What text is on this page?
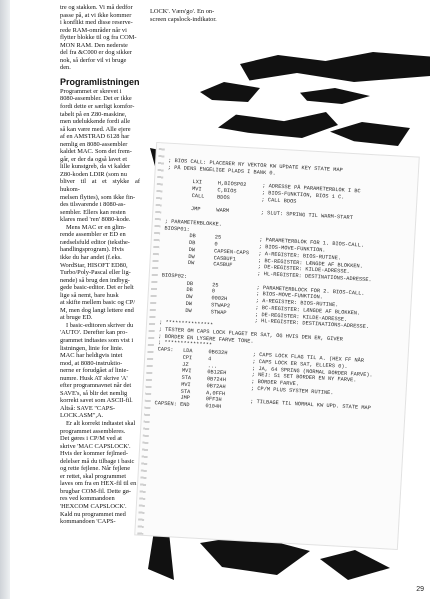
tre og stakken. Vi må dedfor
passe på, at vi ikke kommer
i konflikt med disse reserve-
rede RAM-områder når vi
flytter blokke til og fra COM-
MON RAM. Den nederste
del fra &C000 er dog sikker
nok, så derfor vil vi bruge
den.

Programlistningen

Programmet er skrevet i
8080-assembler. Det er ikke
fordi dette er særligt komfor-
tabelt på en Z80-maskine,
men udelukkende fordi alle
så kan være med. Alle ejere
af en AMSTRAD 6128 har
nemlig en 8080-assembler
kaldet MAC. Som det frem-
går, er der da også lavet et
lille kunstgreb, da vi kalder
Z80-koden LDIR (som nu
bliver til at et stykke af hukom-
melsen flyttes), som ikke fin-
des tilsvarende i 8080-as-
sembler. Ellers kan resten
klares med 'ren' 8080-kode.

Mens MAC er en glim-
rende assembler er ED en
rædselsfuld editor (teksthe-
handlingsprogram). Hvis
ikke du har andet (f.eks.
WordStar, HISOFT ED80,
Turbo/Poly-Pascal eller lig-
nende) så brug den indbyg-
gede basic-editor. Det er helt
lige så nemt, bare husk
at skifte mellem basic og CP/
M, men dog langt lettere end
at bruge ED.

I basic-editoren skriver du
'AUTO'. Derefter kan pro-
grammet indtastes som vist i
listningen, linie for linie.
MAC har heldigvis intet
mod, at 8080-instruktio-
nerne er forudgået af linie-
numre. Husk AT skrive 'A'
efter programnavnet når det
SAVE's, så blir det nemlig
korrekt savet som ASCII-fil.
Altså: SAVE "CAPS-
LOCK.ASM",A.

Er alt korrekt indtastet skal
programmet assembleres.
Det gøres i CP/M ved at
skrive 'MAC CAPSLOCK'.
Hvis der kommer fejlmed-
delelser må du tilbage i basic
og rette fejlene. Når fejlene
er rettet, skal programmet
laves om fra en HEX-fil til en
brugbar COM-fil. Dette gø-
res ved kommandoen
'HEXCOM CAPSLOCK'.
Kald nu programmet med
kommandoen 'CAPS-

LOCK'. Værs'go'. En on-
screen capslock-indikator.
; BIOS CALL: PLACERER NY VEKTOR KW UPDATE KEY STATE MAP
; PÅ DENS ENGELIGE PLADS I BANK 0.

LXI     H,BIOSP02     ; ADRESSE PÅ PARAMETERBLOK I BC
MVI     C,BIOS        ; BIOS-FUNKTION, BIOS 1 C.
CALL    BDOS          ; CALL BDOS

JMP     WARM          ; SLUT: SPRING TIL WARM-START

; PARAMETERBLOKKE.
BIOSP01:
DB      25            ; PARAMETERBLOK FOR 1. BIOS-CALL.
DB      0             ; BIOS-MOVE-FUNKTION.
DW      CAPSEN-CAPS   ; A-REGISTER: BIOS-RUTINE.
DW      CASBUF1       ; BC-REGISTER: LÆNGDE AF BLOKKEN.
DW      CASBUF        ; DE-REGISTER: KILDE-ADRESSE.
; HL-REGISTER: DESTINATIONS-ADRESSE.
BIOSP02:
DB      25            ; PARAMETERBLOCK FOR 2. BIOS-CALL.
DB      0             ; BIOS-MOVE-FUNKTION.
DW      0002H         ; A-REGISTER: BIOS-RUTINE.
DW      STWAP2        ; BC-REGISTER: LÆNGDE AF BLOKKEN.
DW      STWAP         ; DE-REGISTER: KILDE-ADRESSE.
; HL-REGISTER: DESTINATIONS-ADRESSE.
; ***************
; TESTER OM CAPS LOCK FLAGET ER SAT, OG HVIS DEN ER, GIVER
; BORDER EN LYSERE FARVE TONE.
; ***************
CAPS:   LDA     0B632H        ; CAPS LOCK FLAG TIL A. (HEX FF NÅR
CPI     4             ; CAPS LOCK ER SAT, ELLERS 0).
JZ      ...           ; JA, 64 SPRING (NORMAL BORDER FARVE).
MVI     0B12EH        ; NEJ: 51 SET BORDER EN NY FARVE.
STA     0B724H        ; BORDER FARVE.
MVI     0B72AH        ; CP/M PLUS SYSTEM RUTINE.
STA     A,0FFH
JMP     0FF3H         ; TILBAGE TIL NORMAL KW UPD. STATE MAP
CAPSEN: END     0104H
29
